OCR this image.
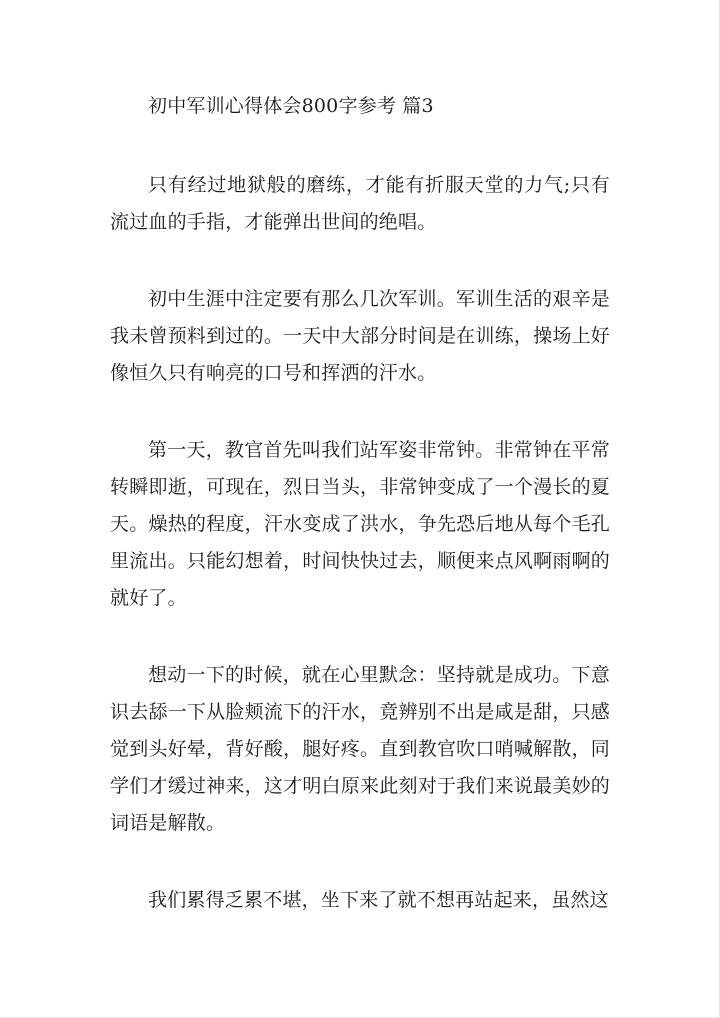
初中军训心得体会800字参考 篇3

只有经过地狱般的磨练，才能有折服天堂的力气;只有流过血的手指，才能弹出世间的绝唱。

初中生涯中注定要有那么几次军训。军训生活的艰辛是我未曾预料到过的。一天中大部分时间是在训练，操场上好像恒久只有响亮的口号和挥洒的汗水。

第一天，教官首先叫我们站军姿非常钟。非常钟在平常转瞬即逝，可现在，烈日当头，非常钟变成了一个漫长的夏天。燥热的程度，汗水变成了洪水，争先恐后地从每个毛孔里流出。只能幻想着，时间快快过去，顺便来点风啊雨啊的就好了。

想动一下的时候，就在心里默念：坚持就是成功。下意识去舔一下从脸颊流下的汗水，竟辨别不出是咸是甜，只感觉到头好晕，背好酸，腿好疼。直到教官吹口哨喊解散，同学们才缓过神来，这才明白原来此刻对于我们来说最美妙的词语是解散。

我们累得乏累不堪，坐下来了就不想再站起来，虽然这
